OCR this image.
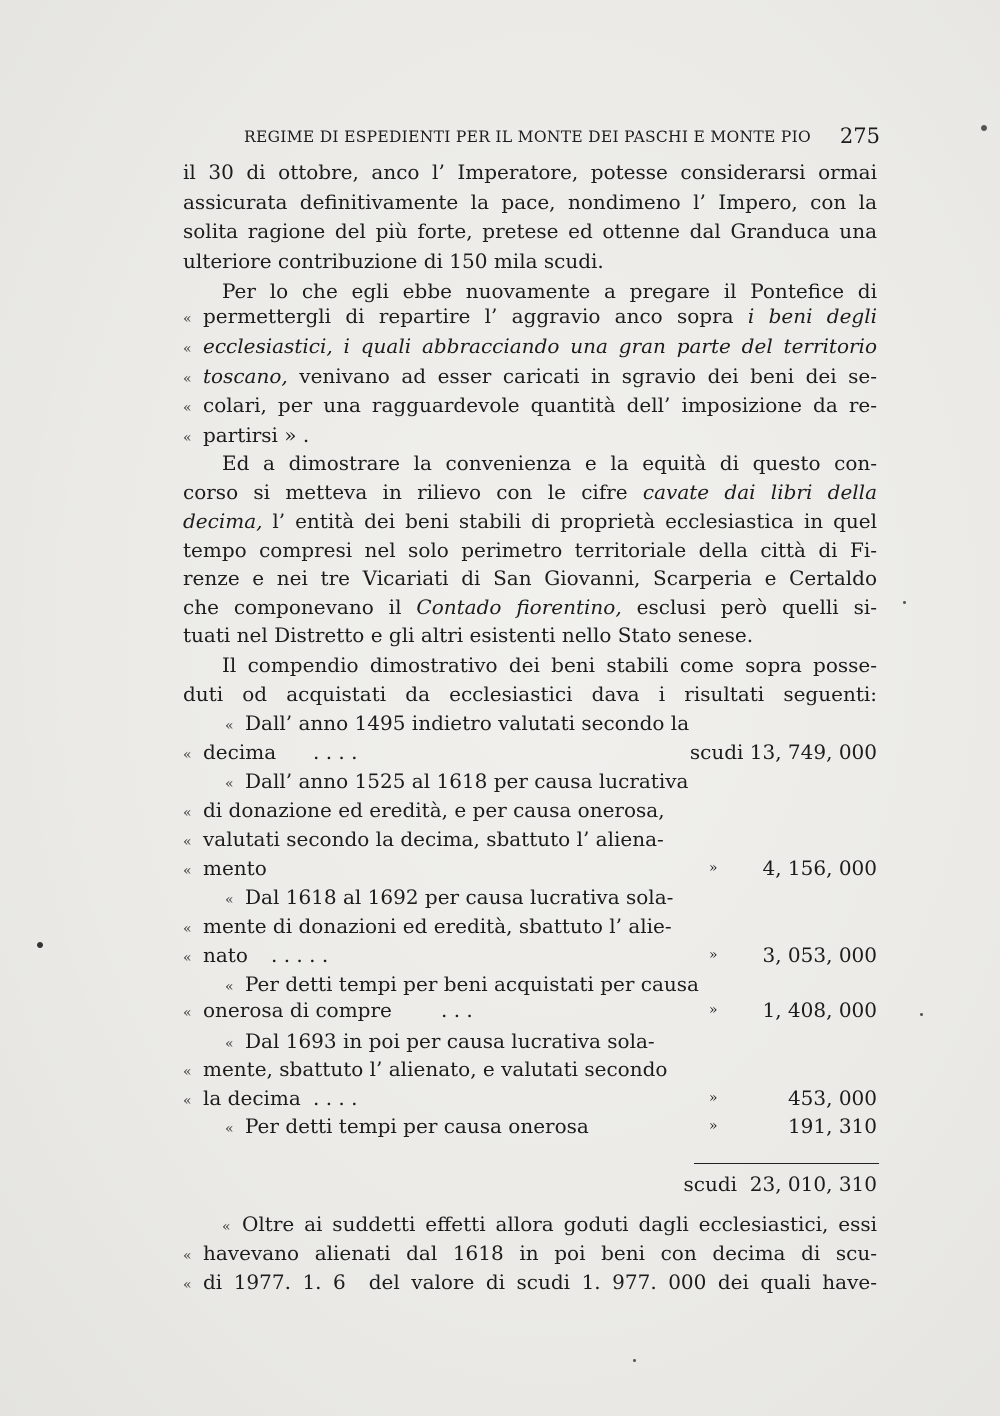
REGIME DI ESPEDIENTI PER IL MONTE DEI PASCHI E MONTE PIO 275
il 30 di ottobre, anco l’ Imperatore, potesse considerarsi ormai
assicurata definitivamente la pace, nondimeno l’ Impero, con la
solita ragione del più forte, pretese ed ottenne dal Granduca una
ulteriore contribuzione di 150 mila scudi.
Per lo che egli ebbe nuovamente a pregare il Pontefice di
« permettergli di repartire l’ aggravio anco sopra i beni degli
« ecclesiastici, i quali abbracciando una gran parte del territorio
« toscano, venivano ad esser caricati in sgravio dei beni dei se-
« colari, per una ragguardevole quantità dell’ imposizione da re-
« partirsi » .
Ed a dimostrare la convenienza e la equità di questo con-
corso si metteva in rilievo con le cifre cavate dai libri della
decima, l’ entità dei beni stabili di proprietà ecclesiastica in quel
tempo compresi nel solo perimetro territoriale della città di Fi-
renze e nei tre Vicariati di San Giovanni, Scarperia e Certaldo
che componevano il Contado fiorentino, esclusi però quelli si-
tuati nel Distretto e gli altri esistenti nello Stato senese.
Il compendio dimostrativo dei beni stabili come sopra posse-
duti od acquistati da ecclesiastici dava i risultati seguenti:
« Dall’ anno 1495 indietro valutati secondo la
« decima . . . .	scudi 13, 749, 000
« Dall’ anno 1525 al 1618 per causa lucrativa
« di donazione ed eredità, e per causa onerosa,
« valutati secondo la decima, sbattuto l’ aliena-
« mento	» 4, 156, 000
« Dal 1618 al 1692 per causa lucrativa sola-
« mente di donazioni ed eredità, sbattuto l’ alie-
« nato . . . . .	» 3, 053, 000
« Per detti tempi per beni acquistati per causa
« onerosa di compre . . .	» 1, 408, 000
« Dal 1693 in poi per causa lucrativa sola-
« mente, sbattuto l’ alienato, e valutati secondo
« la decima . . . .	»	453, 000
« Per detti tempi per causa onerosa	»	191, 310
scudi  23, 010, 310
« Oltre ai suddetti effetti allora goduti dagli ecclesiastici, essi
« havevano alienati dal 1618 in poi beni con decima di scu-
« di 1977. 1. 6  del valore di scudi 1. 977. 000 dei quali have-
